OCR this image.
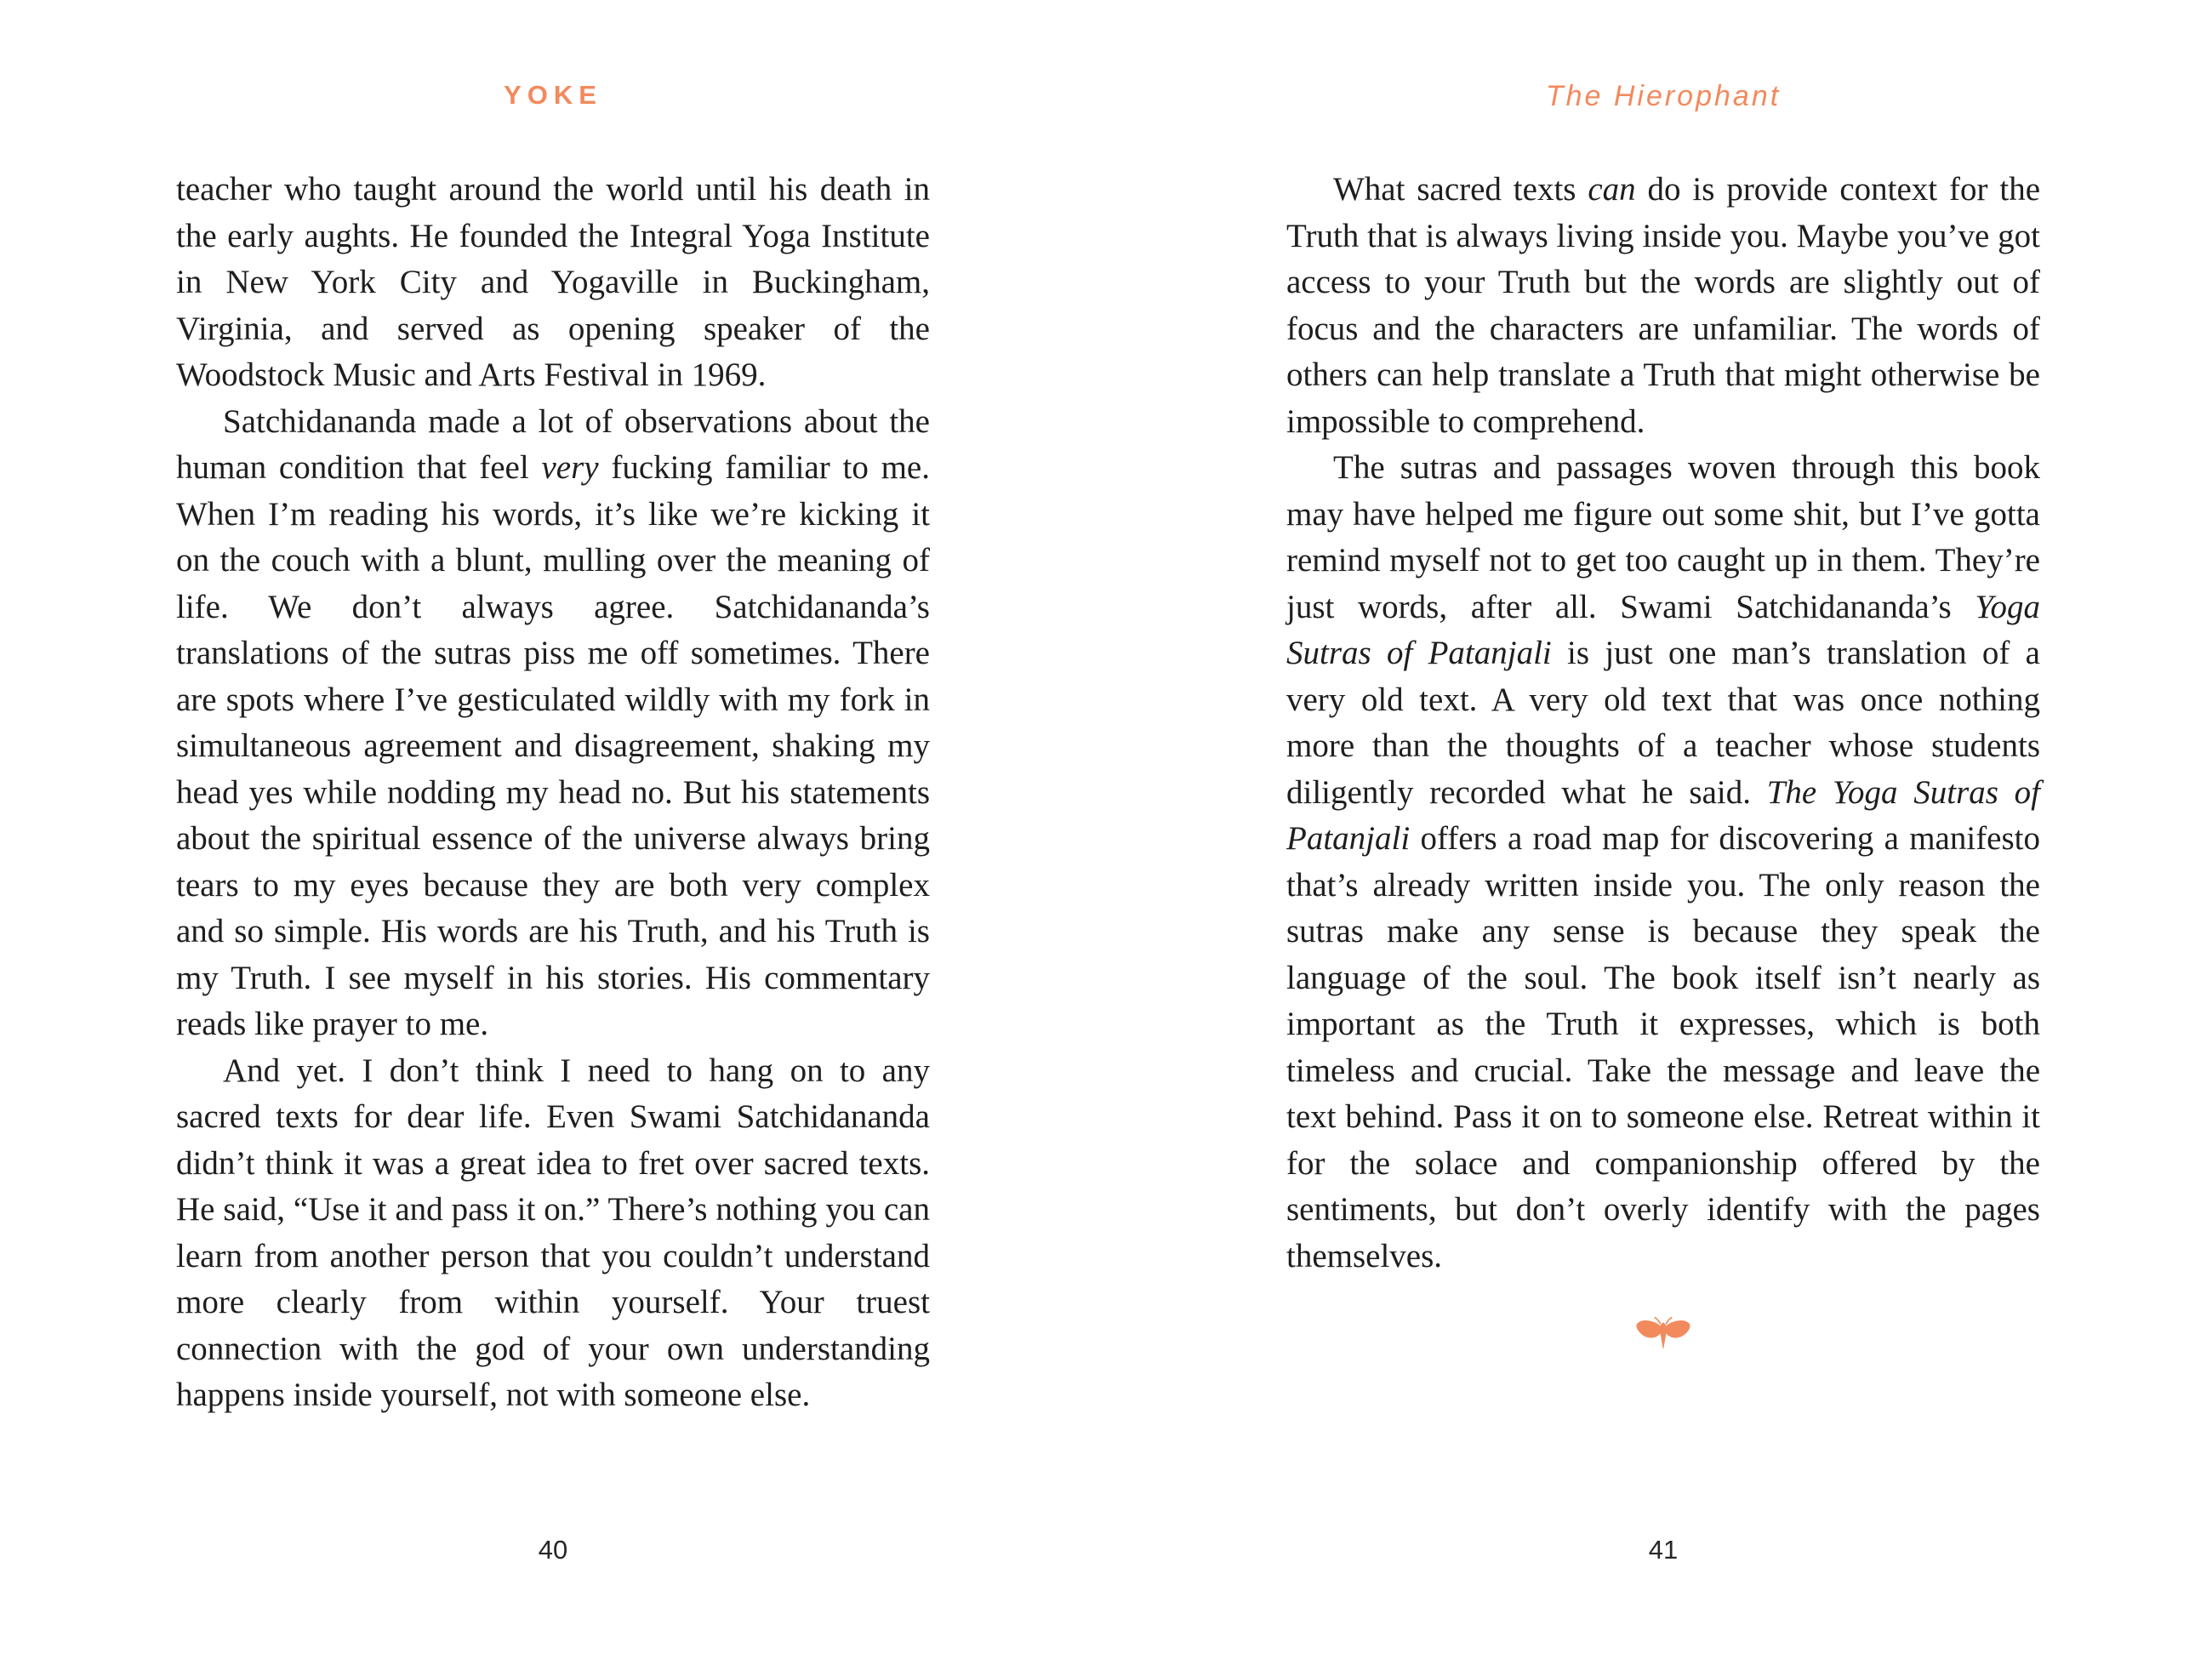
YOKE

teacher who taught around the world until his death in the early aughts. He founded the Integral Yoga Institute in New York City and Yogaville in Buckingham, Virginia, and served as opening speaker of the Woodstock Music and Arts Festival in 1969.

Satchidananda made a lot of observations about the human condition that feel very fucking familiar to me. When I’m reading his words, it’s like we’re kicking it on the couch with a blunt, mulling over the meaning of life. We don’t always agree. Satchidananda’s translations of the sutras piss me off sometimes. There are spots where I’ve gesticulated wildly with my fork in simultaneous agreement and disagreement, shaking my head yes while nodding my head no. But his statements about the spiritual essence of the universe always bring tears to my eyes because they are both very complex and so simple. His words are his Truth, and his Truth is my Truth. I see myself in his stories. His commentary reads like prayer to me.

And yet. I don’t think I need to hang on to any sacred texts for dear life. Even Swami Satchidananda didn’t think it was a great idea to fret over sacred texts. He said, “Use it and pass it on.” There’s nothing you can learn from another person that you couldn’t understand more clearly from within yourself. Your truest connection with the god of your own understanding happens inside yourself, not with someone else.

40
The Hierophant

What sacred texts can do is provide context for the Truth that is always living inside you. Maybe you’ve got access to your Truth but the words are slightly out of focus and the characters are unfamiliar. The words of others can help translate a Truth that might otherwise be impossible to comprehend.

The sutras and passages woven through this book may have helped me figure out some shit, but I’ve gotta remind myself not to get too caught up in them. They’re just words, after all. Swami Satchidananda’s Yoga Sutras of Patanjali is just one man’s translation of a very old text. A very old text that was once nothing more than the thoughts of a teacher whose students diligently recorded what he said. The Yoga Sutras of Patanjali offers a road map for discovering a manifesto that’s already written inside you. The only reason the sutras make any sense is because they speak the language of the soul. The book itself isn’t nearly as important as the Truth it expresses, which is both timeless and crucial. Take the message and leave the text behind. Pass it on to someone else. Retreat within it for the solace and companionship offered by the sentiments, but don’t overly identify with the pages themselves.

41
